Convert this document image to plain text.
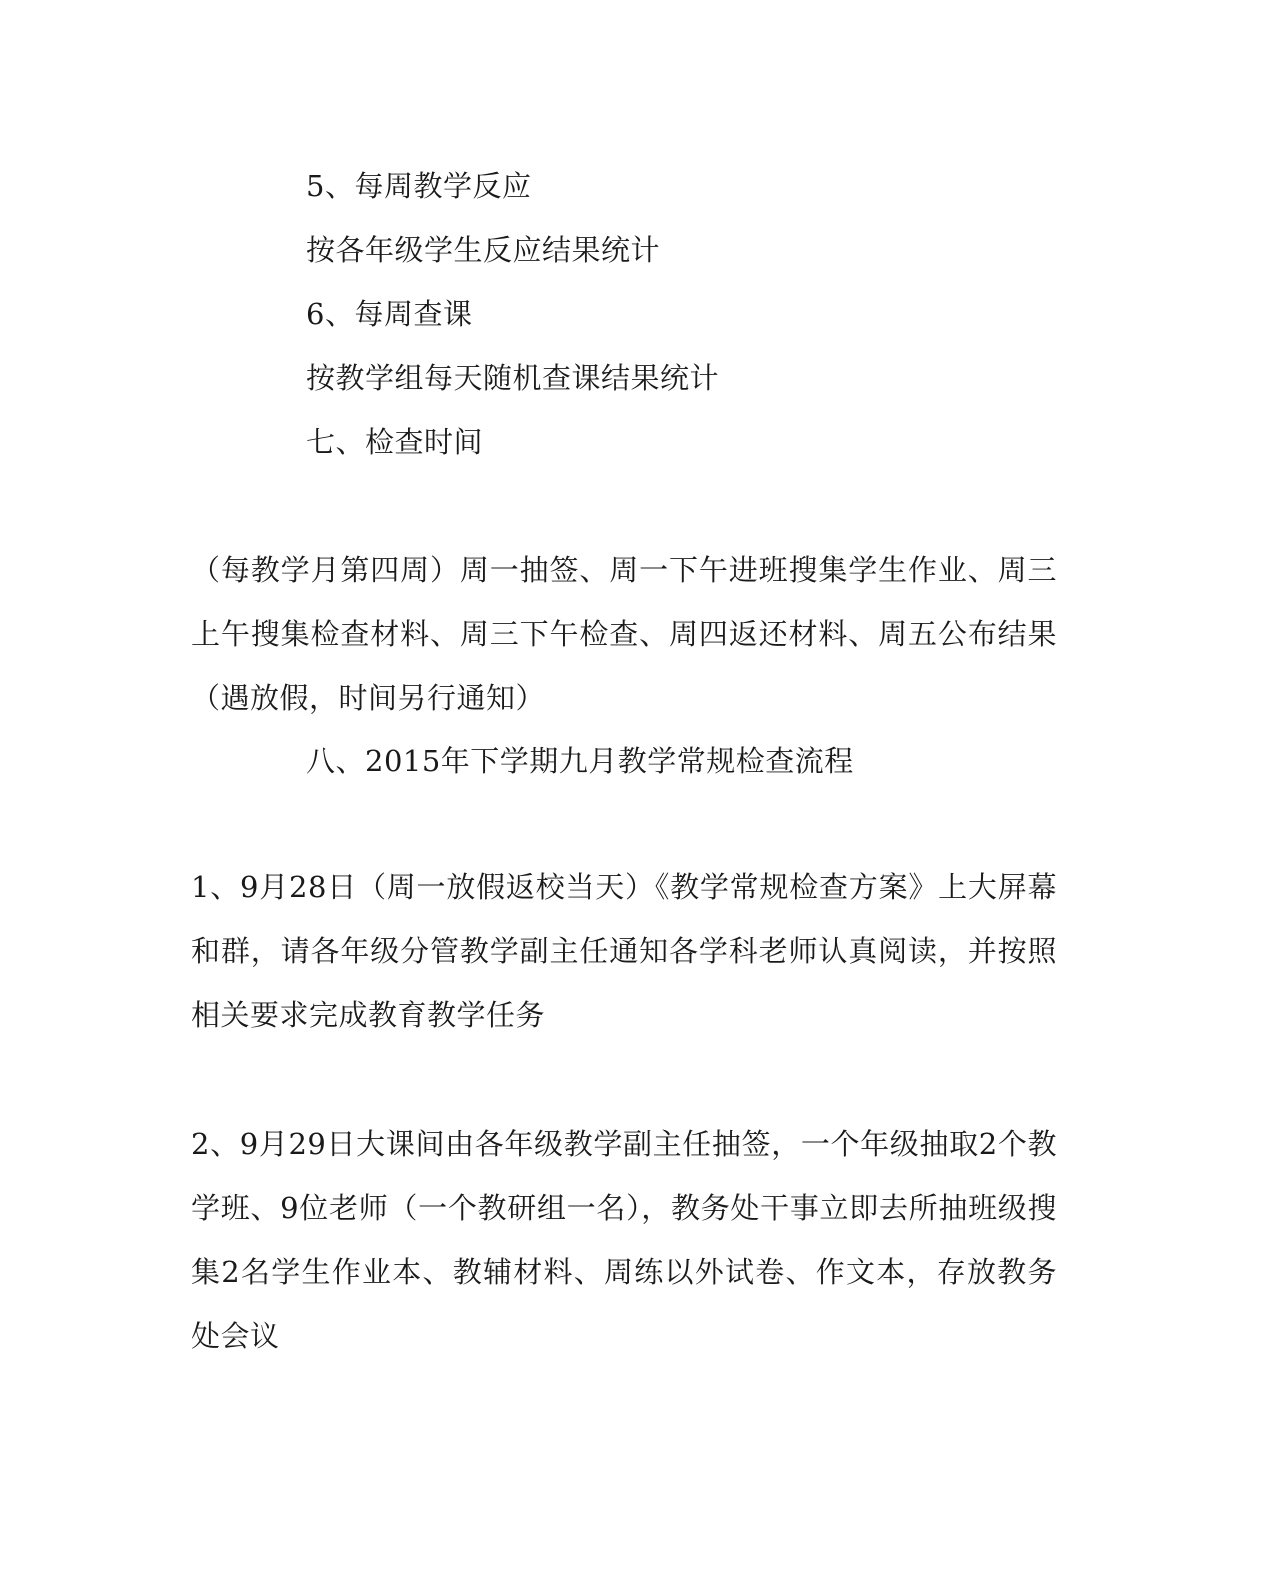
5、每周教学反应
按各年级学生反应结果统计
6、每周查课
按教学组每天随机查课结果统计
七、检查时间
（每教学月第四周）周一抽签、周一下午进班搜集学生作业、周三上午搜集检查材料、周三下午检查、周四返还材料、周五公布结果（遇放假，时间另行通知）
八、2015年下学期九月教学常规检查流程
1、9月28日（周一放假返校当天）《教学常规检查方案》上大屏幕和群，请各年级分管教学副主任通知各学科老师认真阅读，并按照相关要求完成教育教学任务
2、9月29日大课间由各年级教学副主任抽签，一个年级抽取2个教学班、9位老师（一个教研组一名），教务处干事立即去所抽班级搜集2名学生作业本、教辅材料、周练以外试卷、作文本，存放教务处会议
